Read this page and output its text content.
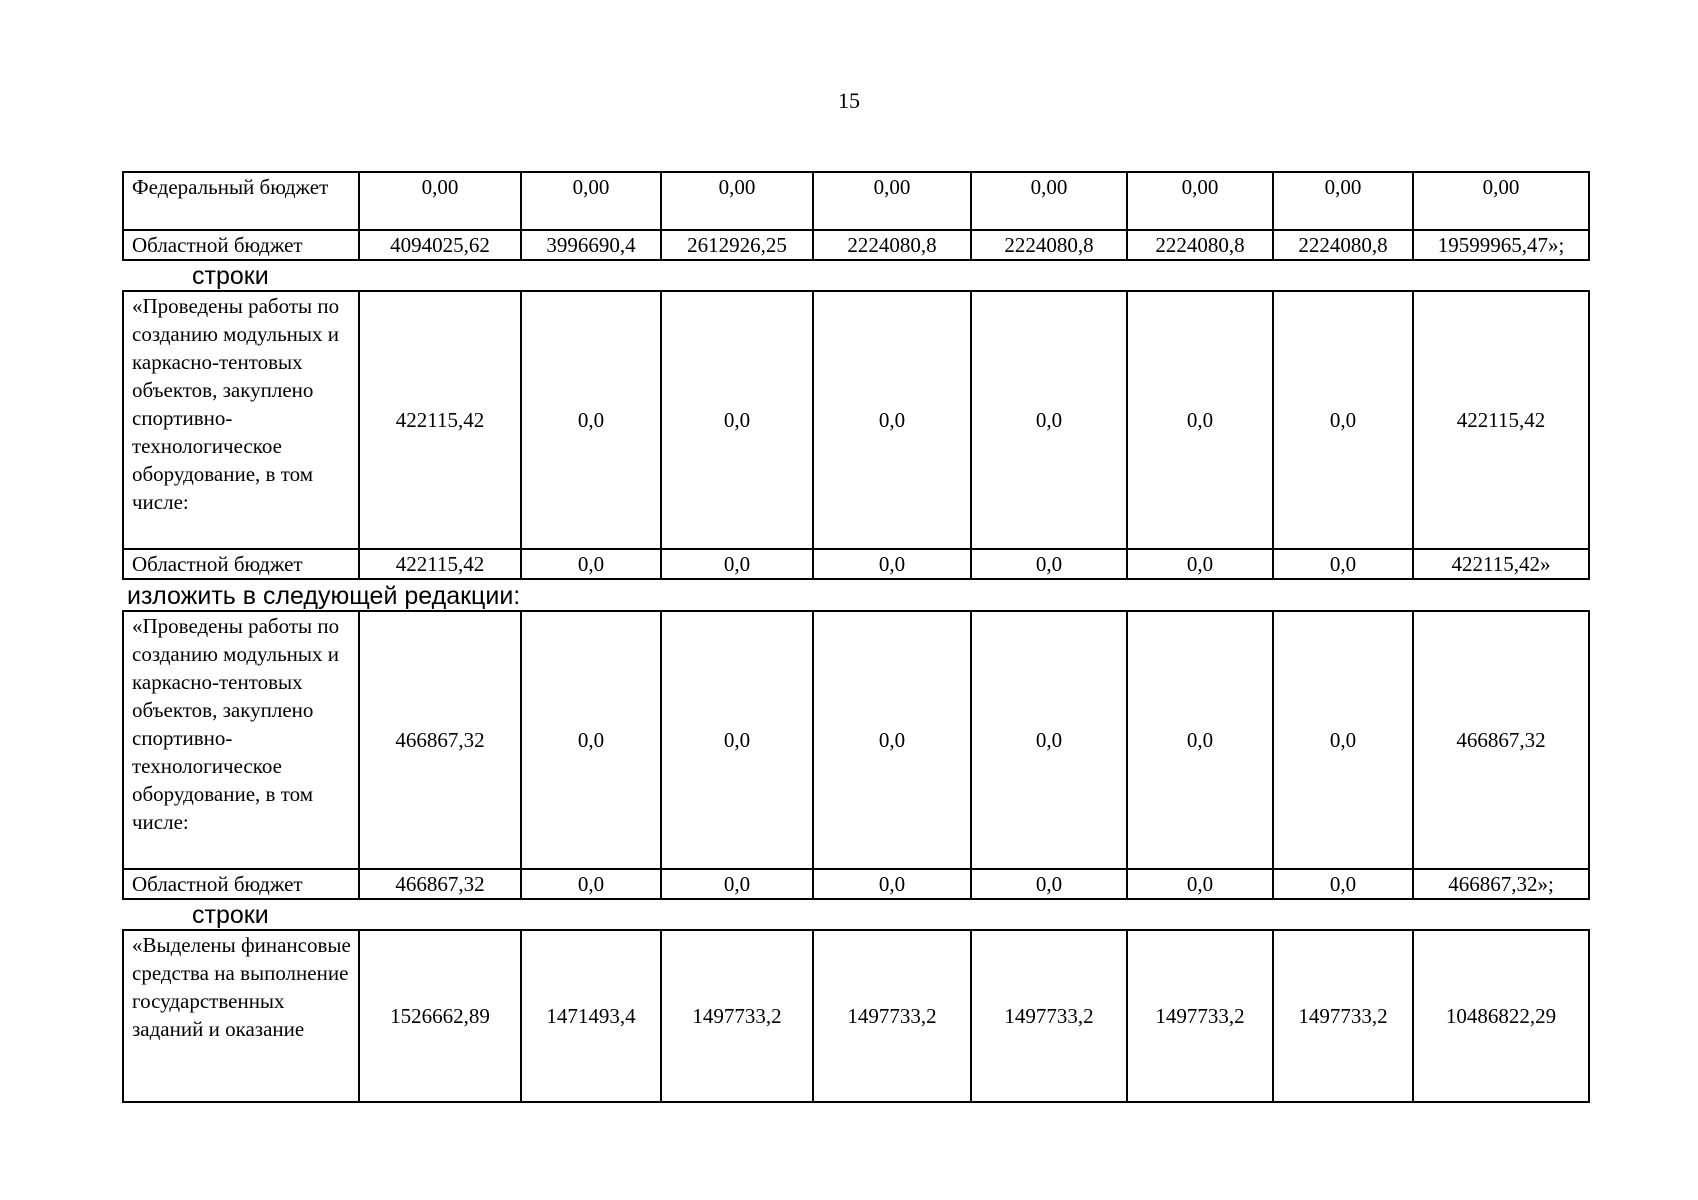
15
Федеральный бюджет	0,00	0,00	0,00	0,00	0,00	0,00	0,00	0,00
Областной бюджет	4094025,62	3996690,4	2612926,25	2224080,8	2224080,8	2224080,8	2224080,8	19599965,47»;
строки
«Проведены работы по созданию модульных и каркасно-тентовых объектов, закуплено спортивно-технологическое оборудование, в том числе:	422115,42	0,0	0,0	0,0	0,0	0,0	0,0	422115,42
Областной бюджет	422115,42	0,0	0,0	0,0	0,0	0,0	0,0	422115,42»
изложить в следующей редакции:
«Проведены работы по созданию модульных и каркасно-тентовых объектов, закуплено спортивно-технологическое оборудование, в том числе:	466867,32	0,0	0,0	0,0	0,0	0,0	0,0	466867,32
Областной бюджет	466867,32	0,0	0,0	0,0	0,0	0,0	0,0	466867,32»;
строки
«Выделены финансовые средства на выполнение государственных заданий и оказание	1526662,89	1471493,4	1497733,2	1497733,2	1497733,2	1497733,2	1497733,2	10486822,29
